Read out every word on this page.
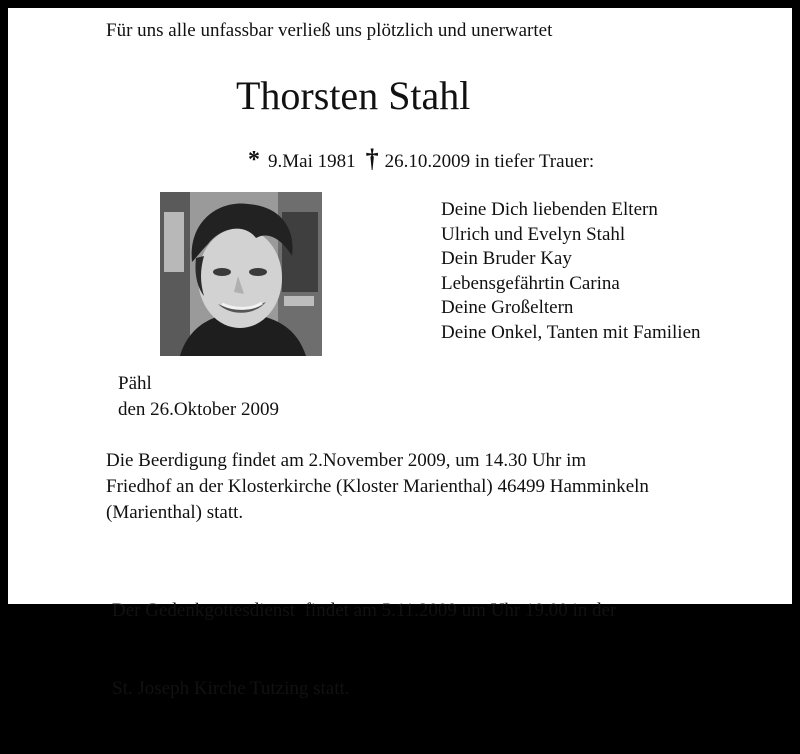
Für uns alle unfassbar verließ uns plötzlich und unerwartet

Thorsten Stahl
* 9.Mai 1981 † 26.10.2009 in tiefer Trauer:
Deine Dich liebenden Eltern
Ulrich und Evelyn Stahl
Dein Bruder Kay
Lebensgefährtin Carina
Deine Großeltern
Deine Onkel, Tanten mit Familien
Pähl
den 26.Oktober 2009
Die Beerdigung findet am 2.November 2009, um 14.30 Uhr im
Friedhof an der Klosterkirche (Kloster Marienthal) 46499 Hamminkeln
(Marienthal) statt.

Der Gedenkgottesdienst  findet am 5.11.2009 um Uhr 19.00 in der

St. Joseph Kirche Tutzing statt.
